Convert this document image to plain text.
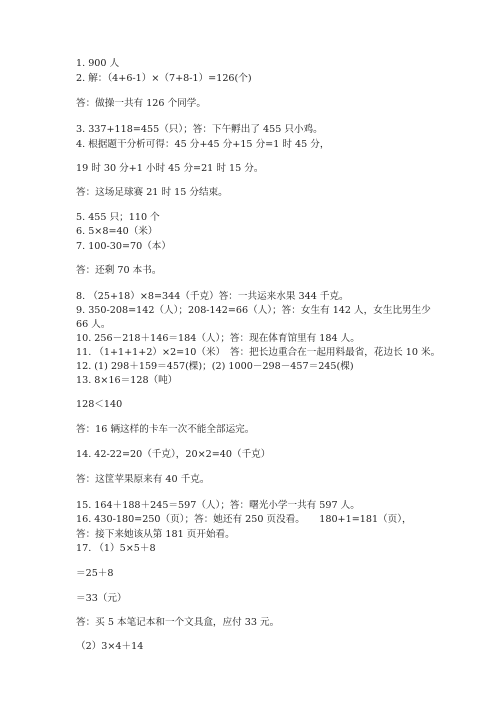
1. 900 人
2. 解：（4+6-1）×（7+8-1）=126(个)
答：做操一共有 126 个同学。
3. 337+118=455（只）；答：下午孵出了 455 只小鸡。
4. 根据题干分析可得：45 分+45 分+15 分=1 时 45 分，
19 时 30 分+1 小时 45 分=21 时 15 分。
答：这场足球赛 21 时 15 分结束。
5. 455 只；110 个
6. 5×8=40（米）
7. 100-30=70（本）
答：还剩 70 本书。
8. （25+18）×8=344（千克）答：一共运来水果 344 千克。
9. 350-208=142（人）；208-142=66（人）；答：女生有 142 人，女生比男生少
66 人。
10. 256－218＋146＝184（人）；答：现在体育馆里有 184 人。
11. （1+1+1+2）×2=10（米）　答：把长边重合在一起用料最省，花边长 10 米。
12. (1) 298＋159＝457(棵)；(2) 1000－298－457＝245(棵)
13. 8×16＝128（吨）
128＜140
答：16 辆这样的卡车一次不能全部运完。
14. 42-22=20（千克），20×2=40（千克）
答：这筐苹果原来有 40 千克。
15. 164＋188＋245＝597（人）；答：曙光小学一共有 597 人。
16. 430-180=250（页）；答：她还有 250 页没看。　　180+1=181（页），
答：接下来她该从第 181 页开始看。
17. （1）5×5＋8
＝25＋8
＝33（元）
答：买 5 本笔记本和一个文具盒，应付 33 元。
（2）3×4＋14
